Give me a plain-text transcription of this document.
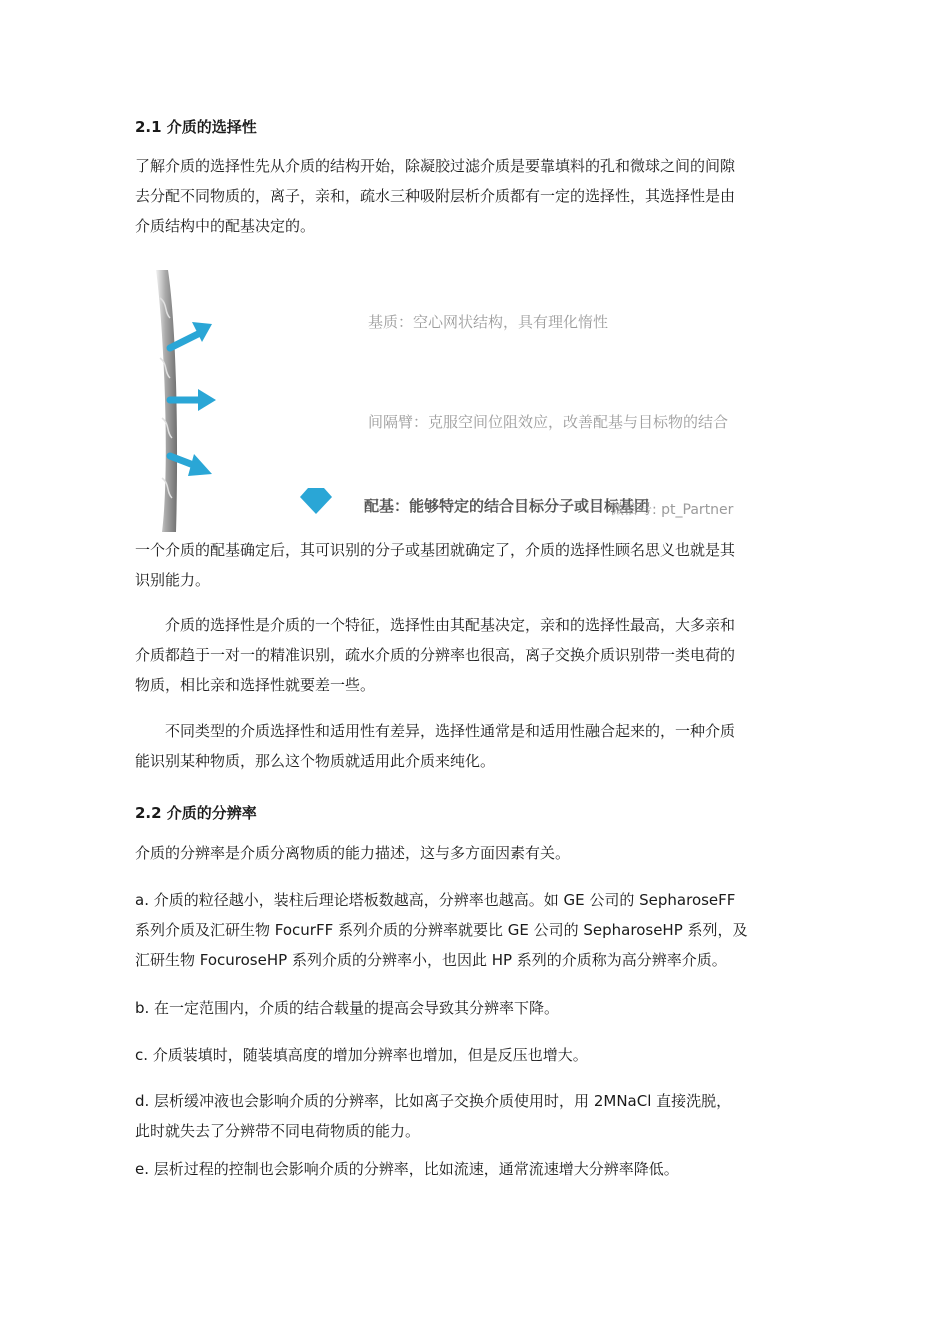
2.1 介质的选择性
了解介质的选择性先从介质的结构开始，除凝胶过滤介质是要靠填料的孔和微球之间的间隙
去分配不同物质的，离子，亲和，疏水三种吸附层析介质都有一定的选择性，其选择性是由
介质结构中的配基决定的。
基质：空心网状结构，具有理化惰性
间隔臂：克服空间位阻效应，改善配基与目标物的结合
配基：能够特定的结合目标分子或目标基团
微信号: pt_Partner
一个介质的配基确定后，其可识别的分子或基团就确定了，介质的选择性顾名思义也就是其
识别能力。
介质的选择性是介质的一个特征，选择性由其配基决定，亲和的选择性最高，大多亲和
介质都趋于一对一的精准识别，疏水介质的分辨率也很高，离子交换介质识别带一类电荷的
物质，相比亲和选择性就要差一些。
不同类型的介质选择性和适用性有差异，选择性通常是和适用性融合起来的，一种介质
能识别某种物质，那么这个物质就适用此介质来纯化。
2.2 介质的分辨率
介质的分辨率是介质分离物质的能力描述，这与多方面因素有关。
a. 介质的粒径越小，装柱后理论塔板数越高，分辨率也越高。如 GE 公司的 SepharoseFF
系列介质及汇研生物 FocurFF 系列介质的分辨率就要比 GE 公司的 SepharoseHP 系列，及
汇研生物 FocuroseHP 系列介质的分辨率小，也因此 HP 系列的介质称为高分辨率介质。
b. 在一定范围内，介质的结合载量的提高会导致其分辨率下降。
c. 介质装填时，随装填高度的增加分辨率也增加，但是反压也增大。
d. 层析缓冲液也会影响介质的分辨率，比如离子交换介质使用时，用 2MNaCl 直接洗脱，
此时就失去了分辨带不同电荷物质的能力。
e. 层析过程的控制也会影响介质的分辨率，比如流速，通常流速增大分辨率降低。
